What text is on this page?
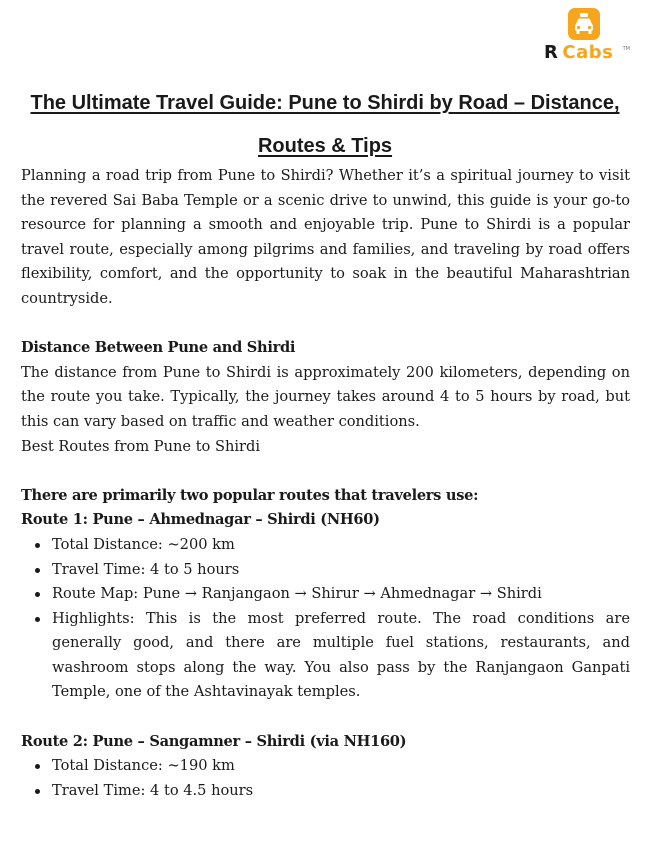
R Cabs TM
The Ultimate Travel Guide: Pune to Shirdi by Road – Distance, Routes & Tips

Planning a road trip from Pune to Shirdi? Whether it’s a spiritual journey to visit the revered Sai Baba Temple or a scenic drive to unwind, this guide is your go-to resource for planning a smooth and enjoyable trip. Pune to Shirdi is a popular travel route, especially among pilgrims and families, and traveling by road offers flexibility, comfort, and the opportunity to soak in the beautiful Maharashtrian countryside.

Distance Between Pune and Shirdi

The distance from Pune to Shirdi is approximately 200 kilometers, depending on the route you take. Typically, the journey takes around 4 to 5 hours by road, but this can vary based on traffic and weather conditions.

Best Routes from Pune to Shirdi

There are primarily two popular routes that travelers use:

Route 1: Pune – Ahmednagar – Shirdi (NH60)

Total Distance: ~200 km
Travel Time: 4 to 5 hours
Route Map: Pune → Ranjangaon → Shirur → Ahmednagar → Shirdi
Highlights: This is the most preferred route. The road conditions are generally good, and there are multiple fuel stations, restaurants, and washroom stops along the way. You also pass by the Ranjangaon Ganpati Temple, one of the Ashtavinayak temples.

Route 2: Pune – Sangamner – Shirdi (via NH160)

Total Distance: ~190 km
Travel Time: 4 to 4.5 hours
